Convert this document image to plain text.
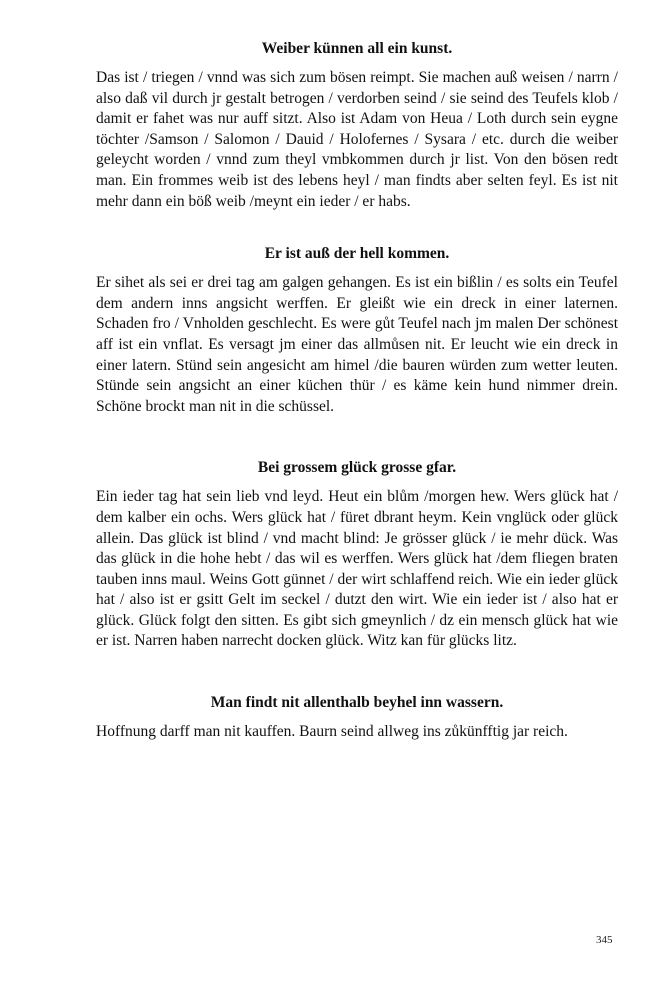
Weiber künnen all ein kunst.

Das ist / triegen / vnnd was sich zum bösen reimpt. Sie machen auß weisen / narrn / also daß vil durch jr gestalt betrogen / verdorben seind / sie seind des Teufels klob / damit er fahet was nur auff sitzt. Also ist Adam von Heua / Loth durch sein eygne töchter /Samson / Salomon / Dauid / Holofernes / Sysara / etc. durch die weiber geleycht worden / vnnd zum theyl vmbkommen durch jr list. Von den bösen redt man. Ein frommes weib ist des lebens heyl / man findts aber selten feyl. Es ist nit mehr dann ein böß weib /meynt ein ieder / er habs.

Er ist auß der hell kommen.

Er sihet als sei er drei tag am galgen gehangen. Es ist ein bißlin / es solts ein Teufel dem andern inns angsicht werffen. Er gleißt wie ein dreck in einer laternen. Schaden fro / Vnholden geschlecht. Es were gůt Teufel nach jm malen Der schönest aff ist ein vnflat. Es versagt jm einer das allmůsen nit. Er leucht wie ein dreck in einer latern. Stünd sein angesicht am himel /die bauren würden zum wetter leuten. Stünde sein angsicht an einer küchen thür / es käme kein hund nimmer drein. Schöne brockt man nit in die schüssel.

Bei grossem glück grosse gfar.

Ein ieder tag hat sein lieb vnd leyd. Heut ein blům /morgen hew. Wers glück hat / dem kalber ein ochs. Wers glück hat / füret dbrant heym. Kein vnglück oder glück allein. Das glück ist blind / vnd macht blind: Je grösser glück / ie mehr dück. Was das glück in die hohe hebt / das wil es werffen. Wers glück hat /dem fliegen braten tauben inns maul. Weins Gott günnet / der wirt schlaffend reich. Wie ein ieder glück hat / also ist er gsitt Gelt im seckel / dutzt den wirt. Wie ein ieder ist / also hat er glück. Glück folgt den sitten. Es gibt sich gmeynlich / dz ein mensch glück hat wie er ist. Narren haben narrecht docken glück. Witz kan für glücks litz.

Man findt nit allenthalb beyhel inn wassern.

Hoffnung darff man nit kauffen. Baurn seind allweg ins zůkünfftig jar reich.

345
